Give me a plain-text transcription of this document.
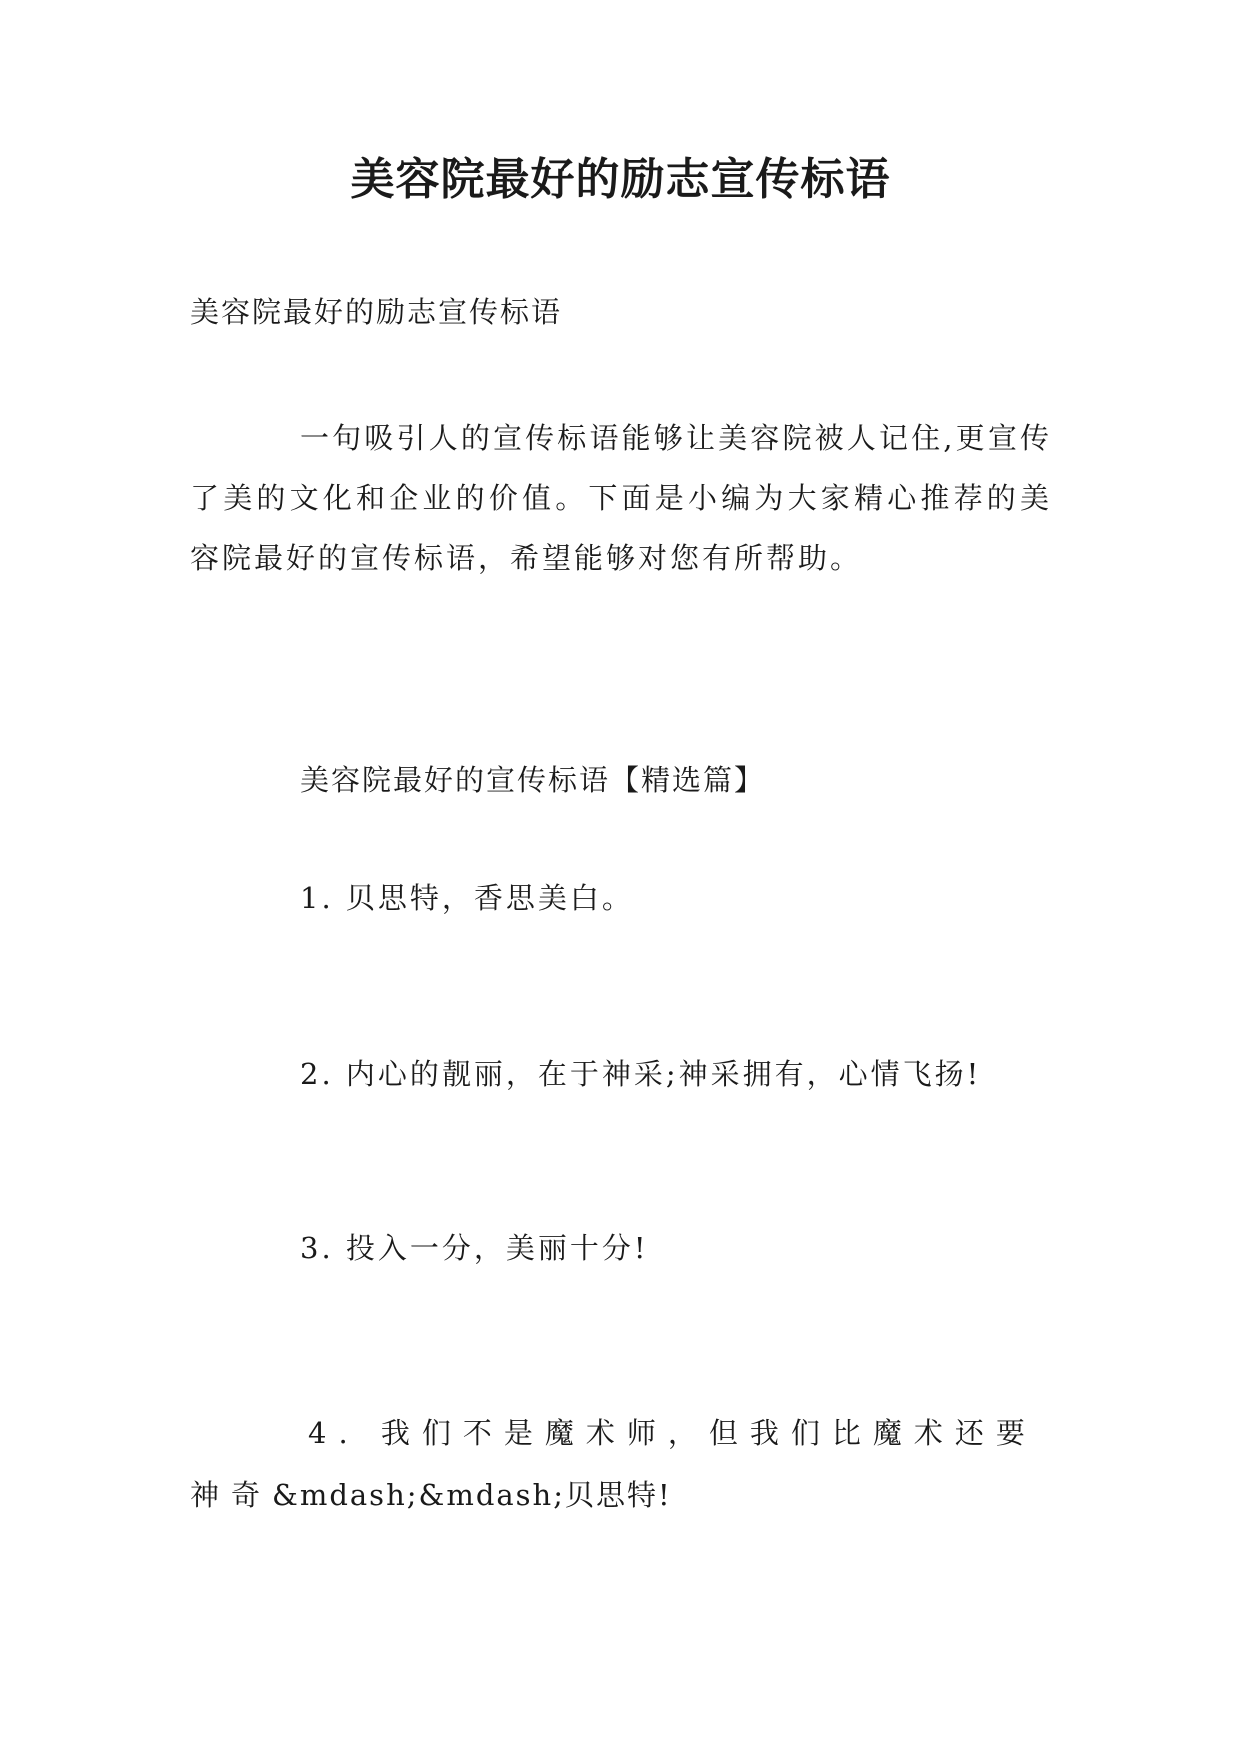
美容院最好的励志宣传标语
美容院最好的励志宣传标语

一句吸引人的宣传标语能够让美容院被人记住,更宣传了美的文化和企业的价值。下面是小编为大家精心推荐的美容院最好的宣传标语，希望能够对您有所帮助。

美容院最好的宣传标语【精选篇】
1. 贝思特，香思美白。
2. 内心的靓丽，在于神采;神采拥有，心情飞扬!
3. 投入一分，美丽十分!

4. 我们不是魔术师，但我们比魔术还要神奇&mdash;&mdash;贝思特!
